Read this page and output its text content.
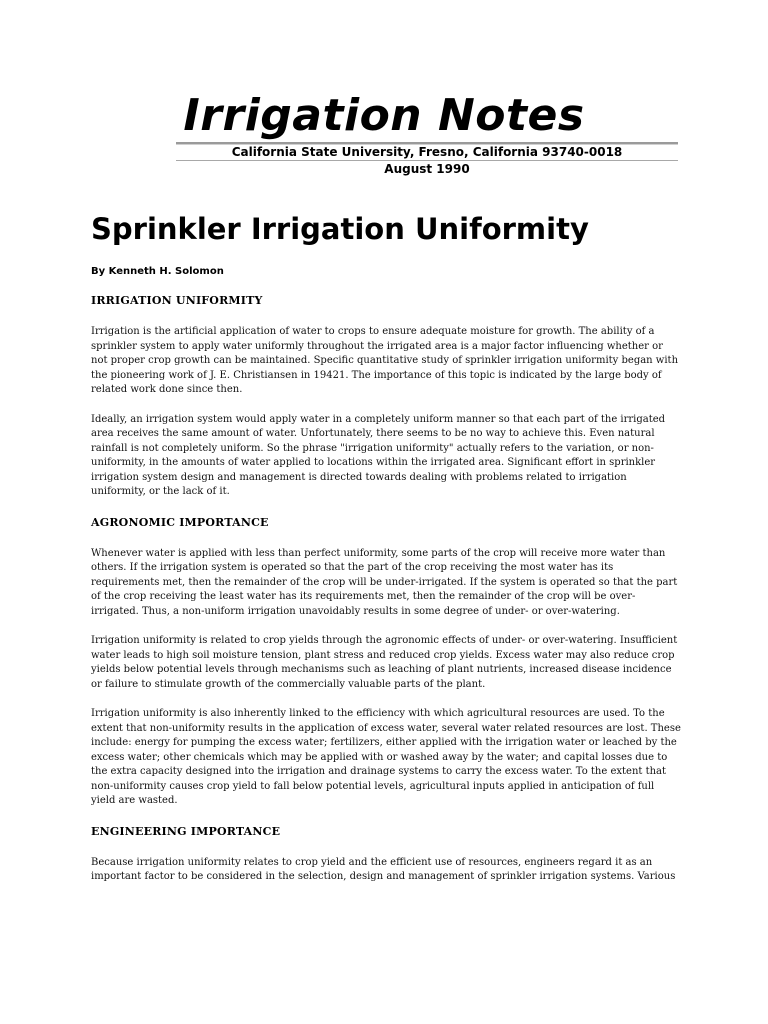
Irrigation Notes
California State University, Fresno, California 93740-0018
August 1990
Sprinkler Irrigation Uniformity
By Kenneth H. Solomon
IRRIGATION UNIFORMITY

Irrigation is the artificial application of water to crops to ensure adequate moisture for growth. The ability of a sprinkler system to apply water uniformly throughout the irrigated area is a major factor influencing whether or not proper crop growth can be maintained. Specific quantitative study of sprinkler irrigation uniformity began with the pioneering work of J. E. Christiansen in 19421. The importance of this topic is indicated by the large body of related work done since then.

Ideally, an irrigation system would apply water in a completely uniform manner so that each part of the irrigated area receives the same amount of water. Unfortunately, there seems to be no way to achieve this. Even natural rainfall is not completely uniform. So the phrase "irrigation uniformity" actually refers to the variation, or non-uniformity, in the amounts of water applied to locations within the irrigated area. Significant effort in sprinkler irrigation system design and management is directed towards dealing with problems related to irrigation uniformity, or the lack of it.

AGRONOMIC IMPORTANCE

Whenever water is applied with less than perfect uniformity, some parts of the crop will receive more water than others. If the irrigation system is operated so that the part of the crop receiving the most water has its requirements met, then the remainder of the crop will be under-irrigated. If the system is operated so that the part of the crop receiving the least water has its requirements met, then the remainder of the crop will be over-irrigated. Thus, a non-uniform irrigation unavoidably results in some degree of under- or over-watering.

Irrigation uniformity is related to crop yields through the agronomic effects of under- or over-watering. Insufficient water leads to high soil moisture tension, plant stress and reduced crop yields. Excess water may also reduce crop yields below potential levels through mechanisms such as leaching of plant nutrients, increased disease incidence or failure to stimulate growth of the commercially valuable parts of the plant.

Irrigation uniformity is also inherently linked to the efficiency with which agricultural resources are used. To the extent that non-uniformity results in the application of excess water, several water related resources are lost. These include: energy for pumping the excess water; fertilizers, either applied with the irrigation water or leached by the excess water; other chemicals which may be applied with or washed away by the water; and capital losses due to the extra capacity designed into the irrigation and drainage systems to carry the excess water. To the extent that non-uniformity causes crop yield to fall below potential levels, agricultural inputs applied in anticipation of full yield are wasted.

ENGINEERING IMPORTANCE

Because irrigation uniformity relates to crop yield and the efficient use of resources, engineers regard it as an important factor to be considered in the selection, design and management of sprinkler irrigation systems. Various
